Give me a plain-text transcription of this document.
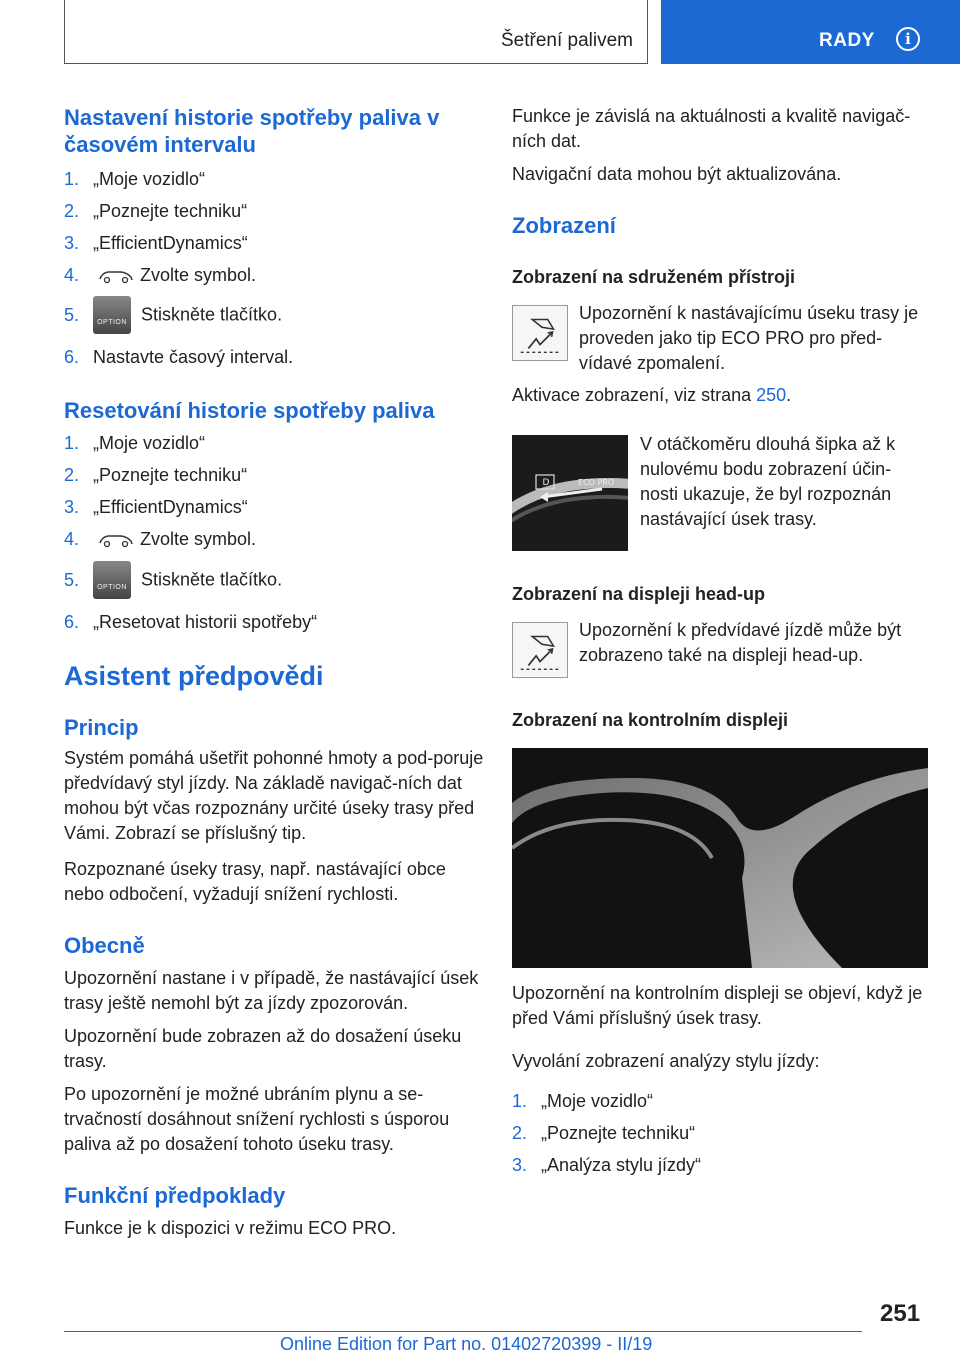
Šetření palivem	RADY	i
Nastavení historie spotřeby paliva v časovém intervalu
1. „Moje vozidlo“
2. „Poznejte techniku“
3. „EfficientDynamics“
4.	Zvolte symbol.
5.	OPTION Stiskněte tlačítko.
6. Nastavte časový interval.
Resetování historie spotřeby paliva
1. „Moje vozidlo“
2. „Poznejte techniku“
3. „EfficientDynamics“
4.	Zvolte symbol.
5.	OPTION Stiskněte tlačítko.
6. „Resetovat historii spotřeby“
Asistent předpovědi
Princip
Systém pomáhá ušetřit pohonné hmoty a pod-poruje předvídavý styl jízdy. Na základě navigač-ních dat mohou být včas rozpoznány určité úseky trasy před Vámi. Zobrazí se příslušný tip.
Rozpoznané úseky trasy, např. nastávající obce nebo odbočení, vyžadují snížení rychlosti.
Obecně
Upozornění nastane i v případě, že nastávající úsek trasy ještě nemohl být za jízdy zpozorován.
Upozornění bude zobrazen až do dosažení úseku trasy.
Po upozornění je možné ubráním plynu a se-trvačností dosáhnout snížení rychlosti s úsporou paliva až po dosažení tohoto úseku trasy.
Funkční předpoklady
Funkce je k dispozici v režimu ECO PRO.
Funkce je závislá na aktuálnosti a kvalitě navigač-ních dat.
Navigační data mohou být aktualizována.
Zobrazení
Zobrazení na sdruženém přístroji
Upozornění k nastávajícímu úseku trasy je proveden jako tip ECO PRO pro před-vídavé zpomalení.
Aktivace zobrazení, viz strana 250.
D	ECO PRO
V otáčkoměru dlouhá šipka až k nulovému bodu zobrazení účin-nosti ukazuje, že byl rozpoznán nastávající úsek trasy.
Zobrazení na displeji head-up
Upozornění k předvídavé jízdě může být zobrazeno také na displeji head-up.
Zobrazení na kontrolním displeji
Upozornění na kontrolním displeji se objeví, když je před Vámi příslušný úsek trasy.
Vyvolání zobrazení analýzy stylu jízdy:
1. „Moje vozidlo“
2. „Poznejte techniku“
3. „Analýza stylu jízdy“
251
Online Edition for Part no. 01402720399 - II/19
